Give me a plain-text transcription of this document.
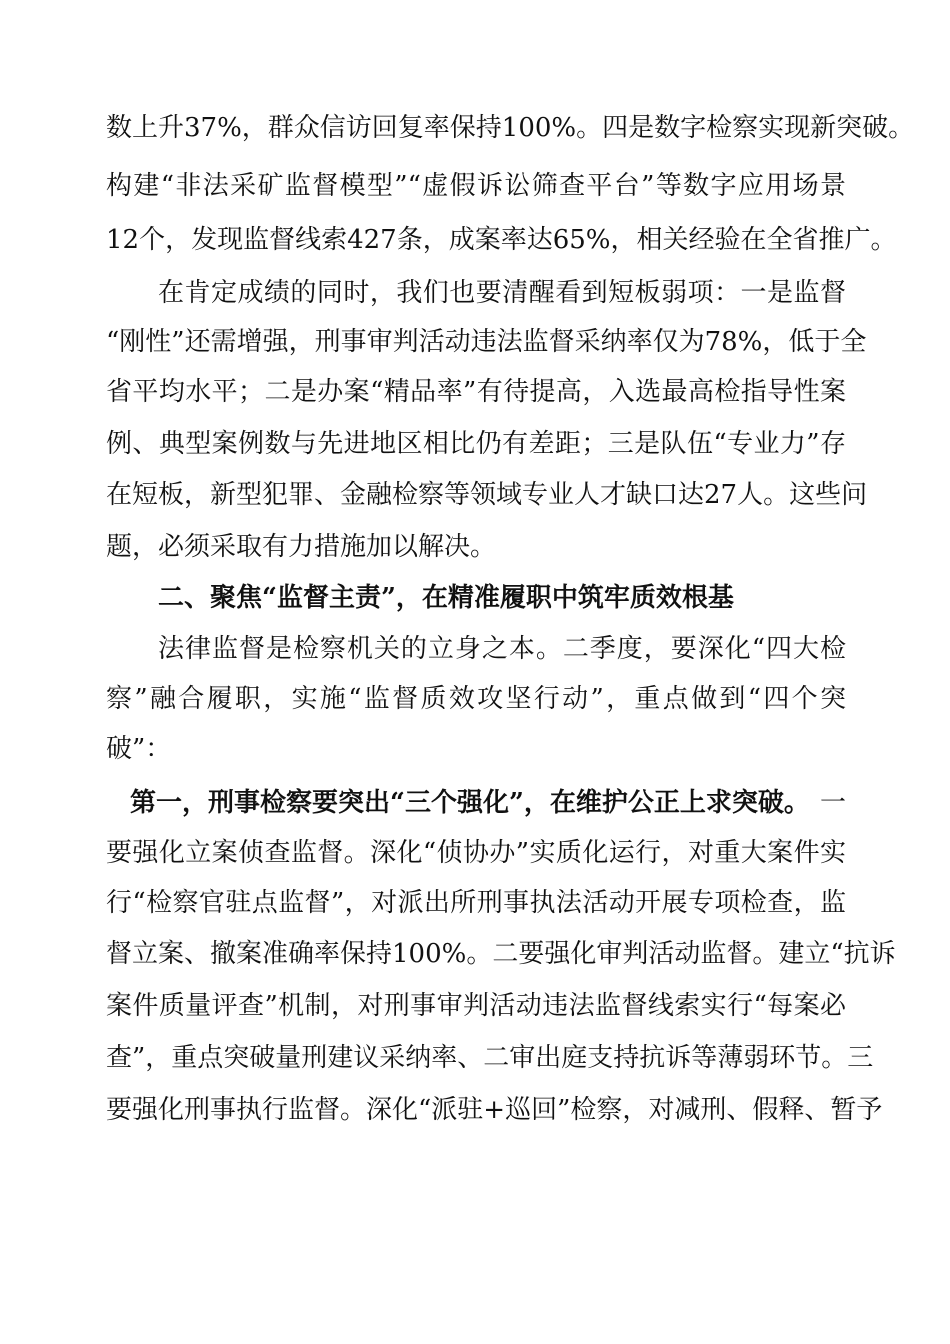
数上升37%，群众信访回复率保持100%。四是数字检察实现新突破。
构建“非法采矿监督模型”“虚假诉讼筛查平台”等数字应用场景
12个，发现监督线索427条，成案率达65%，相关经验在全省推广。
在肯定成绩的同时，我们也要清醒看到短板弱项：一是监督
“刚性”还需增强，刑事审判活动违法监督采纳率仅为78%，低于全
省平均水平；二是办案“精品率”有待提高，入选最高检指导性案
例、典型案例数与先进地区相比仍有差距；三是队伍“专业力”存
在短板，新型犯罪、金融检察等领域专业人才缺口达27人。这些问
题，必须采取有力措施加以解决。
二、聚焦“监督主责”，在精准履职中筑牢质效根基
法律监督是检察机关的立身之本。二季度，要深化“四大检
察”融合履职，实施“监督质效攻坚行动”，重点做到“四个突
破”：
第一，刑事检察要突出“三个强化”，在维护公正上求突破。 一
要强化立案侦查监督。深化“侦协办”实质化运行，对重大案件实
行“检察官驻点监督”，对派出所刑事执法活动开展专项检查，监
督立案、撤案准确率保持100%。二要强化审判活动监督。建立“抗诉
案件质量评查”机制，对刑事审判活动违法监督线索实行“每案必
查”，重点突破量刑建议采纳率、二审出庭支持抗诉等薄弱环节。三
要强化刑事执行监督。深化“派驻+巡回”检察，对减刑、假释、暂予
